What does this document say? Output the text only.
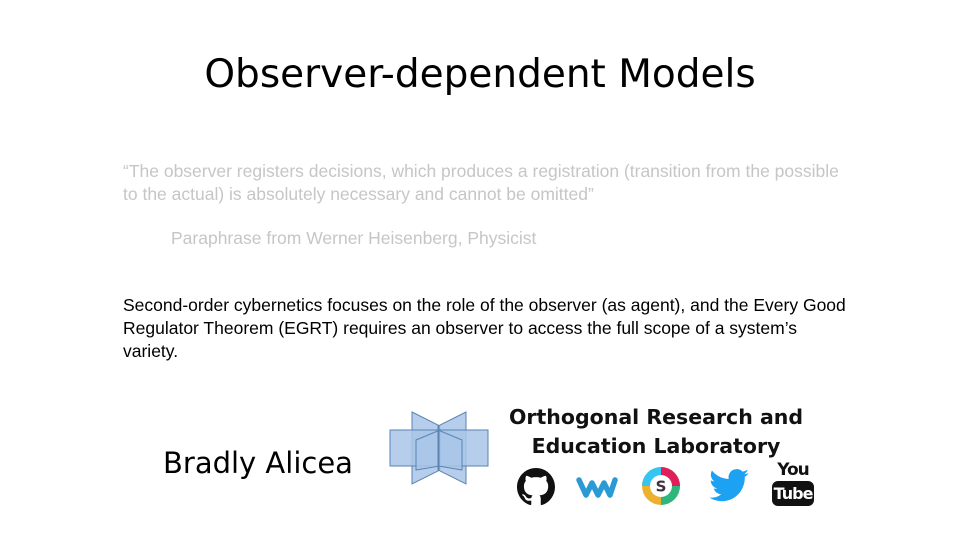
Observer-dependent Models
“The observer registers decisions, which produces a registration (transition from the possible to the actual) is absolutely necessary and cannot be omitted”
Paraphrase from Werner Heisenberg, Physicist
Second-order cybernetics focuses on the role of the observer (as agent), and the Every Good Regulator Theorem (EGRT) requires an observer to access the full scope of a system’s variety.
Bradly Alicea
Orthogonal Research and
Education Laboratory
S
You
Tube
